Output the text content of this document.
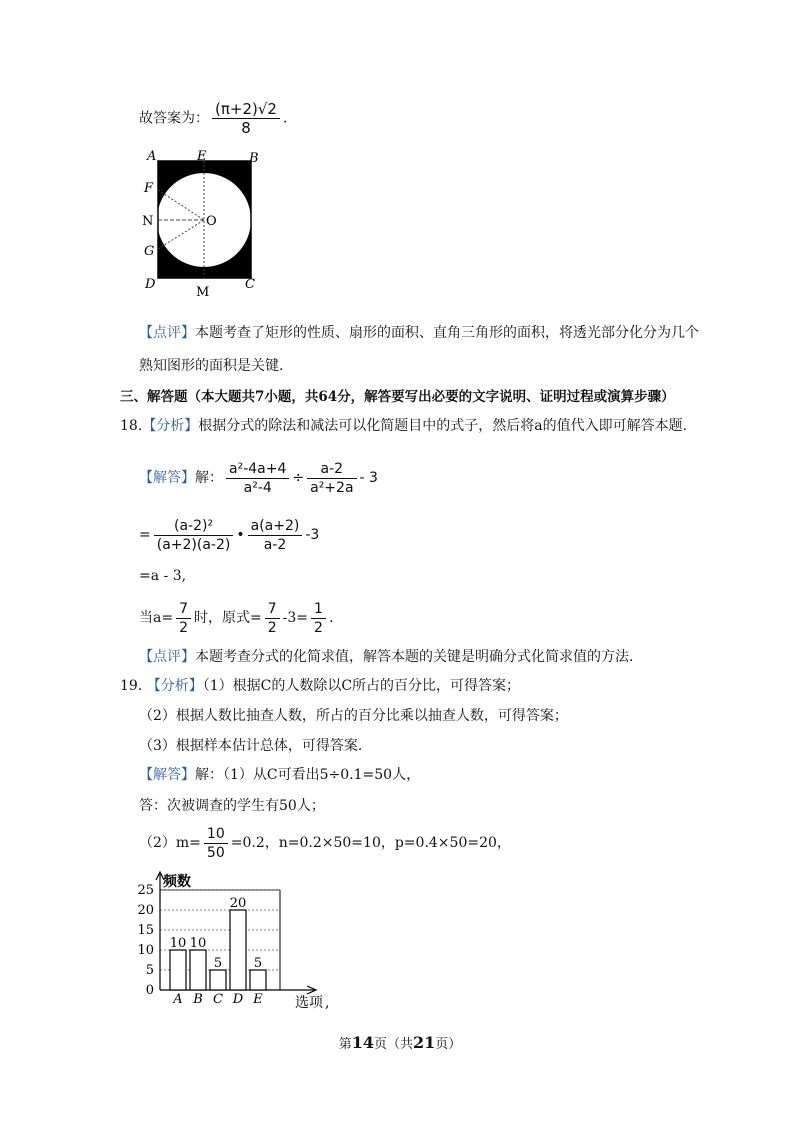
故答案为： $\frac{(\pi+2)√2}{8}$ .
A	E	B
F
N	O
G
D
M
C
【点评】本题考查了矩形的性质、扇形的面积、直角三角形的面积，将透光部分化分为几个
熟知图形的面积是关键.
三、解答题（本大题共7小题，共64分，解答要写出必要的文字说明、证明过程或演算步骤）
18.【分析】根据分式的除法和减法可以化简题目中的式子，然后将a的值代入即可解答本题.
【解答】解： $\frac{\text{a²-4a+4}}{\text{a²-4}} \div \frac{a-2}{\text{a²+2a}} - 3$
= $\frac{\text{(a-2)²}}{(a+2)(a-2)}$ • $\frac{a(a+2)}{a-2} -3$
=a - 3,
当$a= \frac{7}{2}$ 时，原式= $\frac{7}{2} -3= \frac{1}{2}$ .
【点评】本题考查分式的化简求值，解答本题的关键是明确分式化简求值的方法.
19. 【分析】（1）根据C的人数除以C所占的百分比，可得答案；
（2）根据人数比抽查人数，所占的百分比乘以抽查人数，可得答案；
（3）根据样本估计总体，可得答案.
【解答】解：（1）从C可看出5÷0.1=50人，
答：次被调查的学生有50人；
$(2)m= \frac{10}{50} =0.2$，n=0.2×50=10，p=0.4×50=20，
0
5
10
15
20
25
频数
选项 ,
10
A
10
B
5
C
20
D
5
E
第14页（共21页）
